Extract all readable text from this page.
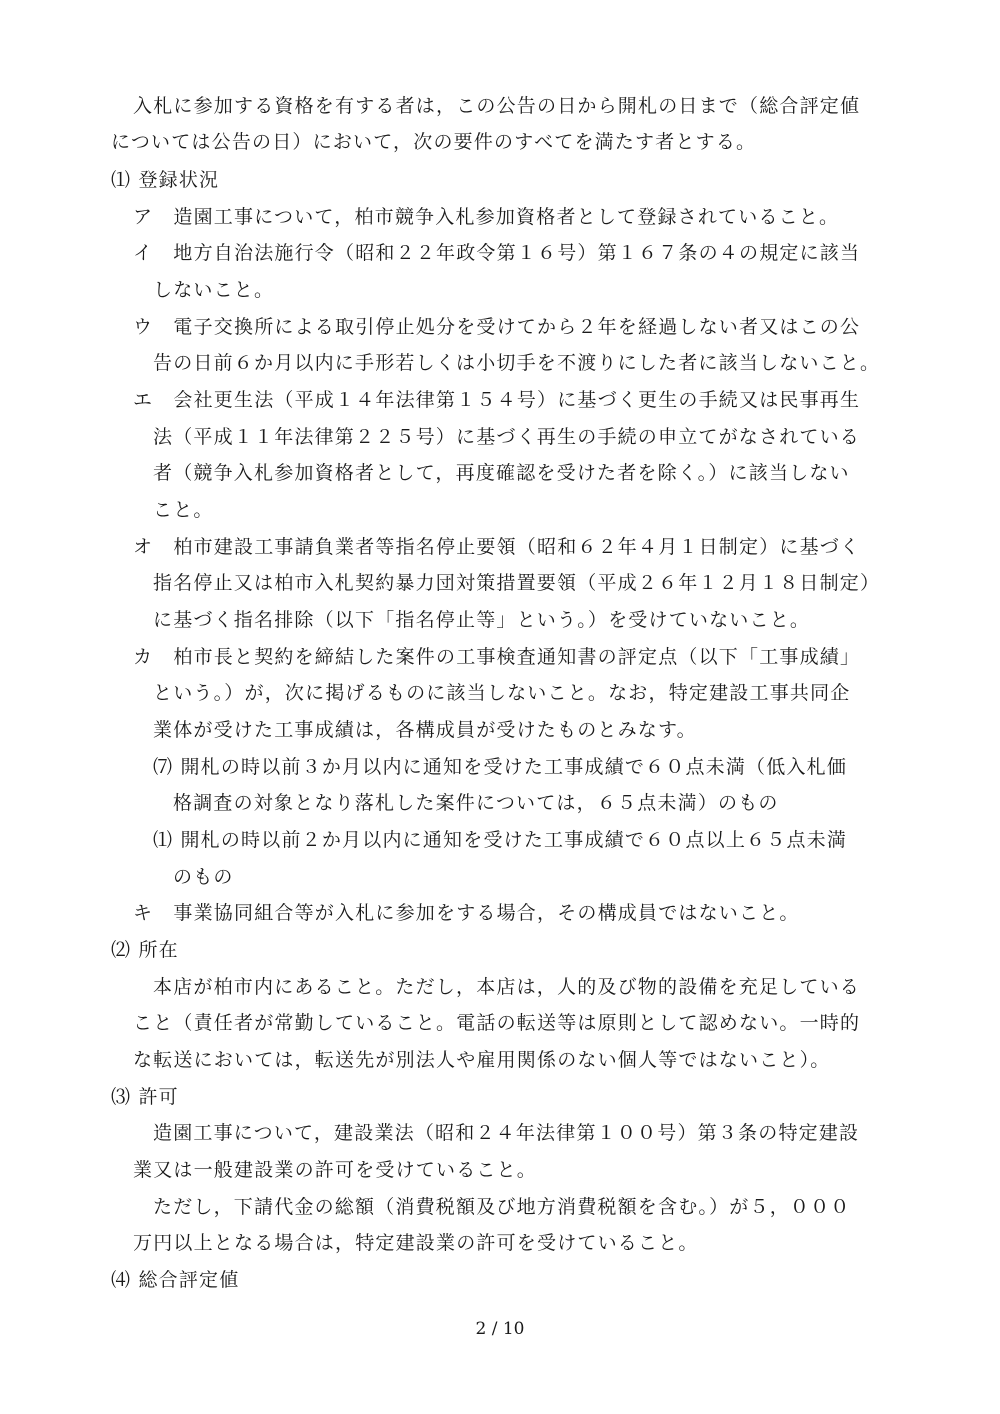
入札に参加する資格を有する者は，この公告の日から開札の日まで（総合評定値
については公告の日）において，次の要件のすべてを満たす者とする。
⑴ 登録状況
ア　造園工事について，柏市競争入札参加資格者として登録されていること。
イ　地方自治法施行令（昭和２２年政令第１６号）第１６７条の４の規定に該当
しないこと。
ウ　電子交換所による取引停止処分を受けてから２年を経過しない者又はこの公
告の日前６か月以内に手形若しくは小切手を不渡りにした者に該当しないこと。
エ　会社更生法（平成１４年法律第１５４号）に基づく更生の手続又は民事再生
法（平成１１年法律第２２５号）に基づく再生の手続の申立てがなされている
者（競争入札参加資格者として，再度確認を受けた者を除く。）に該当しない
こと。
オ　柏市建設工事請負業者等指名停止要領（昭和６２年４月１日制定）に基づく
指名停止又は柏市入札契約暴力団対策措置要領（平成２６年１２月１８日制定）
に基づく指名排除（以下「指名停止等」という。）を受けていないこと。
カ　柏市長と契約を締結した案件の工事検査通知書の評定点（以下「工事成績」
という。）が，次に掲げるものに該当しないこと。なお，特定建設工事共同企
業体が受けた工事成績は，各構成員が受けたものとみなす。
⑺ 開札の時以前３か月以内に通知を受けた工事成績で６０点未満（低入札価
格調査の対象となり落札した案件については，６５点未満）のもの
⑴ 開札の時以前２か月以内に通知を受けた工事成績で６０点以上６５点未満
のもの
キ　事業協同組合等が入札に参加をする場合，その構成員ではないこと。
⑵ 所在
本店が柏市内にあること。ただし，本店は，人的及び物的設備を充足している
こと（責任者が常勤していること。電話の転送等は原則として認めない。一時的
な転送においては，転送先が別法人や雇用関係のない個人等ではないこと）。
⑶ 許可
造園工事について，建設業法（昭和２４年法律第１００号）第３条の特定建設
業又は一般建設業の許可を受けていること。
ただし，下請代金の総額（消費税額及び地方消費税額を含む。）が５，０００
万円以上となる場合は，特定建設業の許可を受けていること。
⑷ 総合評定値
2 / 10
